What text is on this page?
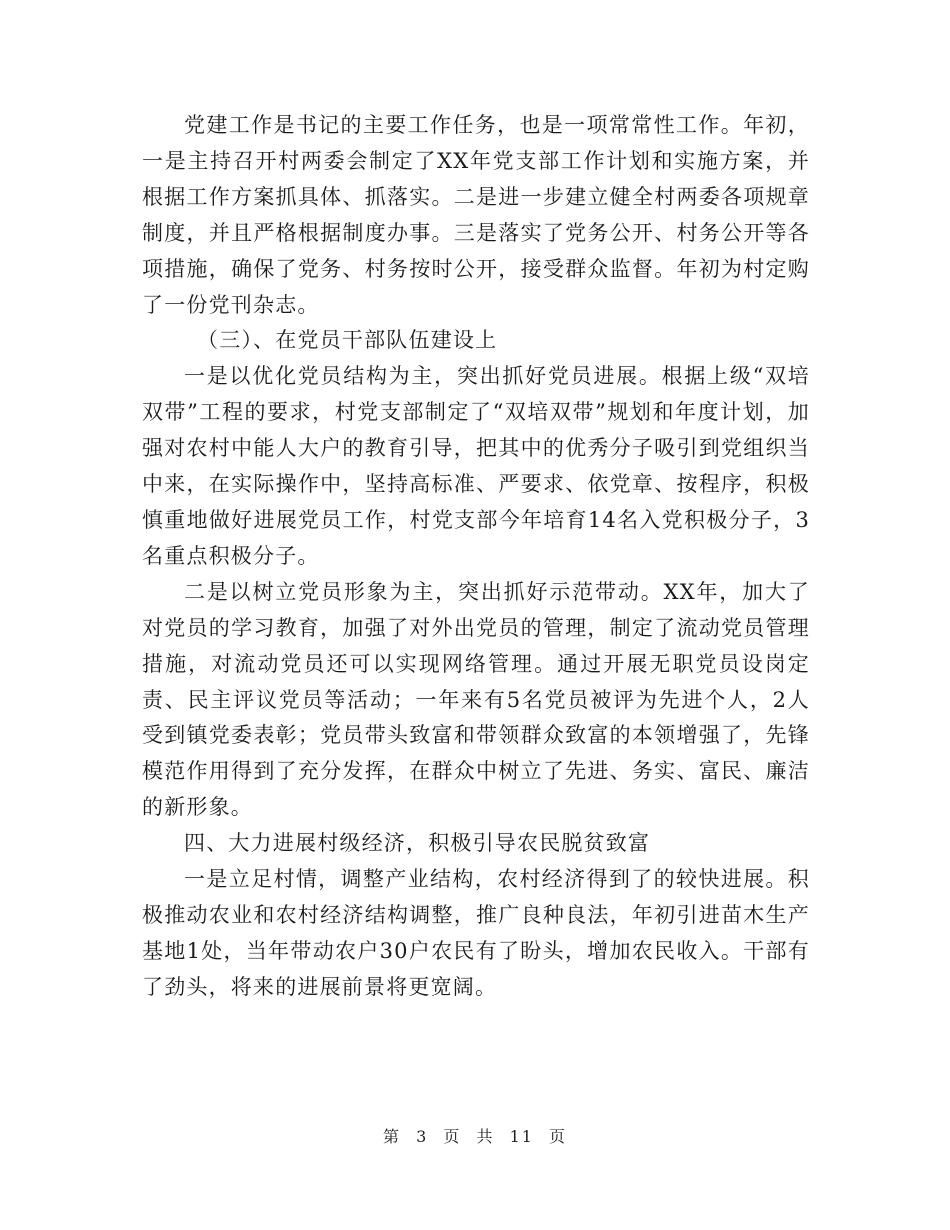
党建工作是书记的主要工作任务，也是一项常常性工作。年初，一是主持召开村两委会制定了XX年党支部工作计划和实施方案，并根据工作方案抓具体、抓落实。二是进一步建立健全村两委各项规章制度，并且严格根据制度办事。三是落实了党务公开、村务公开等各项措施，确保了党务、村务按时公开，接受群众监督。年初为村定购了一份党刊杂志。

（三）、在党员干部队伍建设上

一是以优化党员结构为主，突出抓好党员进展。根据上级“双培双带”工程的要求，村党支部制定了“双培双带”规划和年度计划，加强对农村中能人大户的教育引导，把其中的优秀分子吸引到党组织当中来，在实际操作中，坚持高标准、严要求、依党章、按程序，积极慎重地做好进展党员工作，村党支部今年培育14名入党积极分子，3名重点积极分子。

二是以树立党员形象为主，突出抓好示范带动。XX年，加大了对党员的学习教育，加强了对外出党员的管理，制定了流动党员管理措施，对流动党员还可以实现网络管理。通过开展无职党员设岗定责、民主评议党员等活动；一年来有5名党员被评为先进个人，2人受到镇党委表彰；党员带头致富和带领群众致富的本领增强了，先锋模范作用得到了充分发挥，在群众中树立了先进、务实、富民、廉洁的新形象。

四、大力进展村级经济，积极引导农民脱贫致富

一是立足村情，调整产业结构，农村经济得到了的较快进展。积极推动农业和农村经济结构调整，推广良种良法，年初引进苗木生产基地1处，当年带动农户30户农民有了盼头，增加农民收入。干部有了劲头，将来的进展前景将更宽阔。

第 3 页 共 11 页
